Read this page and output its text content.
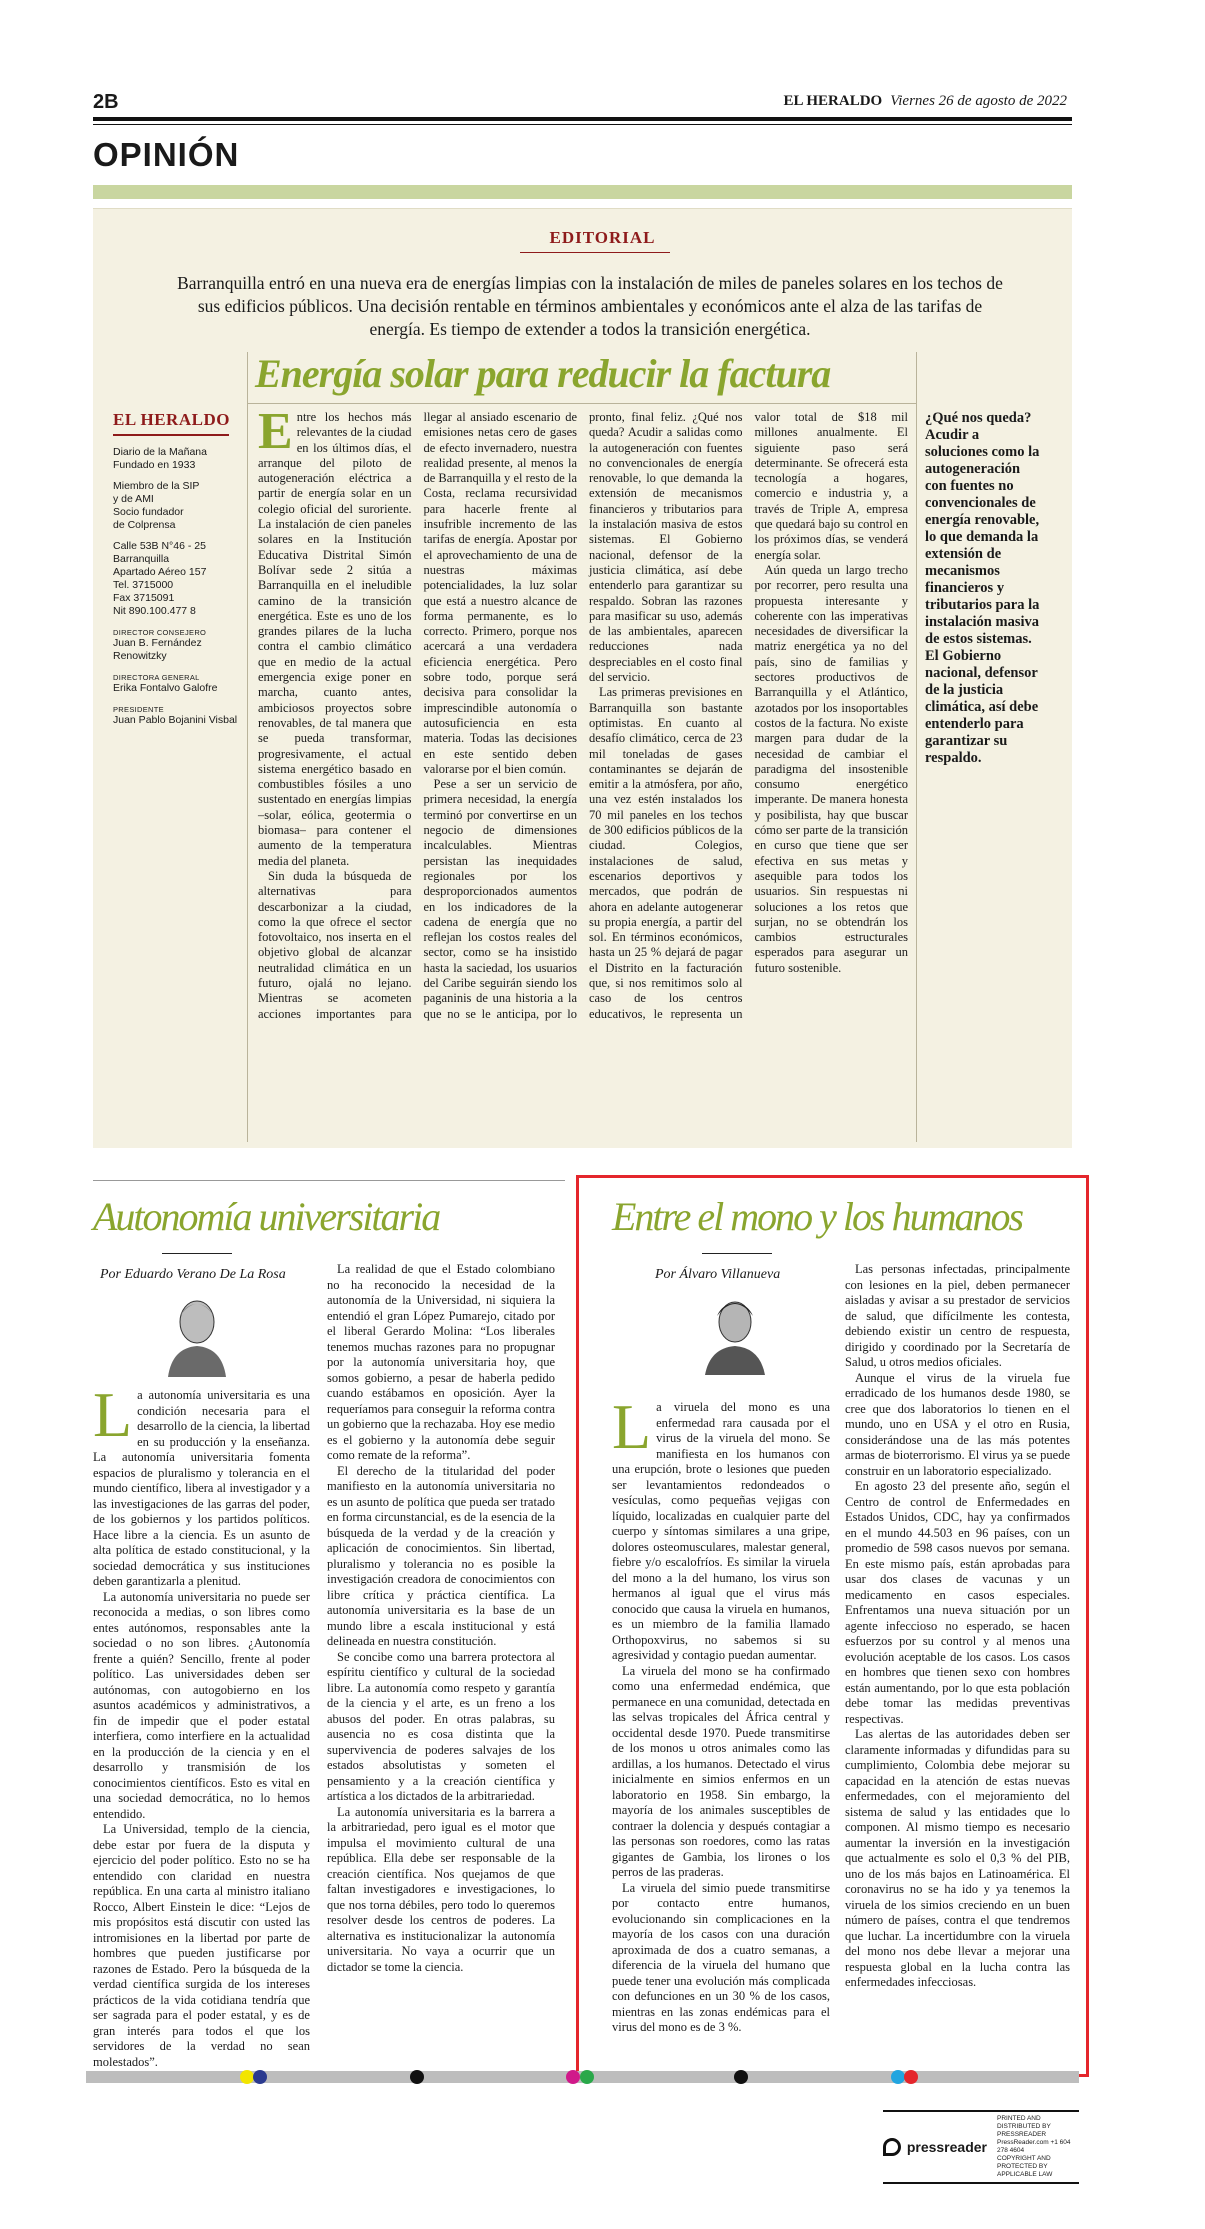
2B	EL HERALDO Viernes 26 de agosto de 2022
OPINIÓN
EDITORIAL
Barranquilla entró en una nueva era de energías limpias con la instalación de miles de paneles solares en los techos de sus edificios públicos. Una decisión rentable en términos ambientales y económicos ante el alza de las tarifas de energía. Es tiempo de extender a todos la transición energética.
Energía solar para reducir la factura
EL HERALDO

Diario de la Mañana
Fundado en 1933

Miembro de la SIP
y de AMI
Socio fundador
de Colprensa

Calle 53B N°46 - 25
Barranquilla
Apartado Aéreo 157
Tel. 3715000
Fax 3715091
Nit 890.100.477 8

DIRECTOR CONSEJERO
Juan B. Fernández Renowitzky
DIRECTORA GENERAL
Erika Fontalvo Galofre
PRESIDENTE
Juan Pablo Bojanini Visbal

Entre los hechos más relevantes de la ciudad en los últimos días, el arranque del piloto de autogeneración eléctrica a partir de energía solar en un colegio oficial del suroriente. La instalación de cien paneles solares en la Institución Educativa Distrital Simón Bolívar sede 2 sitúa a Barranquilla en el ineludible camino de la transición energética. Este es uno de los grandes pilares de la lucha contra el cambio climático que en medio de la actual emergencia exige poner en marcha, cuanto antes, ambiciosos proyectos sobre renovables, de tal manera que se pueda transformar, progresivamente, el actual sistema energético basado en combustibles fósiles a uno sustentado en energías limpias –solar, eólica, geotermia o biomasa– para contener el aumento de la temperatura media del planeta.

Sin duda la búsqueda de alternativas para descarbonizar a la ciudad, como la que ofrece el sector fotovoltaico, nos inserta en el objetivo global de alcanzar neutralidad climática en un futuro, ojalá no lejano. Mientras se acometen acciones importantes para llegar al ansiado escenario de emisiones netas cero de gases de efecto invernadero, nuestra realidad presente, al menos la de Barranquilla y el resto de la Costa, reclama recursividad para hacerle frente al insufrible incremento de las tarifas de energía. Apostar por el aprovechamiento de una de nuestras máximas potencialidades, la luz solar que está a nuestro alcance de forma permanente, es lo correcto. Primero, porque nos acercará a una verdadera eficiencia energética. Pero sobre todo, porque será decisiva para consolidar la imprescindible autonomía o autosuficiencia en esta materia. Todas las decisiones en este sentido deben valorarse por el bien común.

Pese a ser un servicio de primera necesidad, la energía terminó por convertirse en un negocio de dimensiones incalculables. Mientras persistan las inequidades regionales por los desproporcionados aumentos en los indicadores de la cadena de energía que no reflejan los costos reales del sector, como se ha insistido hasta la saciedad, los usuarios del Caribe seguirán siendo los paganinis de una historia a la que no se le anticipa, por lo pronto, final feliz. ¿Qué nos queda? Acudir a salidas como la autogeneración con fuentes no convencionales de energía renovable, lo que demanda la extensión de mecanismos financieros y tributarios para la instalación masiva de estos sistemas. El Gobierno nacional, defensor de la justicia climática, así debe entenderlo para garantizar su respaldo. Sobran las razones para masificar su uso, además de las ambientales, aparecen reducciones nada despreciables en el costo final del servicio.

Las primeras previsiones en Barranquilla son bastante optimistas. En cuanto al desafío climático, cerca de 23 mil toneladas de gases contaminantes se dejarán de emitir a la atmósfera, por año, una vez estén instalados los 70 mil paneles en los techos de 300 edificios públicos de la ciudad. Colegios, instalaciones de salud, escenarios deportivos y mercados, que podrán de ahora en adelante autogenerar su propia energía, a partir del sol. En términos económicos, hasta un 25 % dejará de pagar el Distrito en la facturación que, si nos remitimos solo al caso de los centros educativos, le representa un valor total de $18 mil millones anualmente. El siguiente paso será determinante. Se ofrecerá esta tecnología a hogares, comercio e industria y, a través de Triple A, empresa que quedará bajo su control en los próximos días, se venderá energía solar.

Aún queda un largo trecho por recorrer, pero resulta una propuesta interesante y coherente con las imperativas necesidades de diversificar la matriz energética ya no del país, sino de familias y sectores productivos de Barranquilla y el Atlántico, azotados por los insoportables costos de la factura. No existe margen para dudar de la necesidad de cambiar el paradigma del insostenible consumo energético imperante. De manera honesta y posibilista, hay que buscar cómo ser parte de la transición en curso que tiene que ser efectiva en sus metas y asequible para todos los usuarios. Sin respuestas ni soluciones a los retos que surjan, no se obtendrán los cambios estructurales esperados para asegurar un futuro sostenible.

¿Qué nos queda? Acudir a soluciones como la autogeneración con fuentes no convencionales de energía renovable, lo que demanda la extensión de mecanismos financieros y tributarios para la instalación masiva de estos sistemas. El Gobierno nacional, defensor de la justicia climática, así debe entenderlo para garantizar su respaldo.
Autonomía universitaria
Por Eduardo Verano De La Rosa

La autonomía universitaria es una condición necesaria para el desarrollo de la ciencia, la libertad en su producción y la enseñanza. La autonomía universitaria fomenta espacios de pluralismo y tolerancia en el mundo científico, libera al investigador y a las investigaciones de las garras del poder, de los gobiernos y los partidos políticos. Hace libre a la ciencia. Es un asunto de alta política de estado constitucional, y la sociedad democrática y sus instituciones deben garantizarla a plenitud.

La autonomía universitaria no puede ser reconocida a medias, o son libres como entes autónomos, responsables ante la sociedad o no son libres. ¿Autonomía frente a quién? Sencillo, frente al poder político. Las universidades deben ser autónomas, con autogobierno en los asuntos académicos y administrativos, a fin de impedir que el poder estatal interfiera, como interfiere en la actualidad en la producción de la ciencia y en el desarrollo y transmisión de los conocimientos científicos. Esto es vital en una sociedad democrática, no lo hemos entendido.

La Universidad, templo de la ciencia, debe estar por fuera de la disputa y ejercicio del poder político. Esto no se ha entendido con claridad en nuestra república. En una carta al ministro italiano Rocco, Albert Einstein le dice: “Lejos de mis propósitos está discutir con usted las intromisiones en la libertad por parte de hombres que pueden justificarse por razones de Estado. Pero la búsqueda de la verdad científica surgida de los intereses prácticos de la vida cotidiana tendría que ser sagrada para el poder estatal, y es de gran interés para todos el que los servidores de la verdad no sean molestados”.

La realidad de que el Estado colombiano no ha reconocido la necesidad de la autonomía de la Universidad, ni siquiera la entendió el gran López Pumarejo, citado por el liberal Gerardo Molina: “Los liberales tenemos muchas razones para no propugnar por la autonomía universitaria hoy, que somos gobierno, a pesar de haberla pedido cuando estábamos en oposición. Ayer la requeríamos para conseguir la reforma contra un gobierno que la rechazaba. Hoy ese medio es el gobierno y la autonomía debe seguir como remate de la reforma”.

El derecho de la titularidad del poder manifiesto en la autonomía universitaria no es un asunto de política que pueda ser tratado en forma circunstancial, es de la esencia de la búsqueda de la verdad y de la creación y aplicación de conocimientos. Sin libertad, pluralismo y tolerancia no es posible la investigación creadora de conocimientos con libre crítica y práctica científica. La autonomía universitaria es la base de un mundo libre a escala institucional y está delineada en nuestra constitución.

Se concibe como una barrera protectora al espíritu científico y cultural de la sociedad libre. La autonomía como respeto y garantía de la ciencia y el arte, es un freno a los abusos del poder. En otras palabras, su ausencia no es cosa distinta que la supervivencia de poderes salvajes de los estados absolutistas y someten el pensamiento y a la creación científica y artística a los dictados de la arbitrariedad.

La autonomía universitaria es la barrera a la arbitrariedad, pero igual es el motor que impulsa el movimiento cultural de una república. Ella debe ser responsable de la creación científica. Nos quejamos de que faltan investigadores e investigaciones, lo que nos torna débiles, pero todo lo queremos resolver desde los centros de poderes. La alternativa es institucionalizar la autonomía universitaria. No vaya a ocurrir que un dictador se tome la ciencia.

Entre el mono y los humanos
Por Álvaro Villanueva

La viruela del mono es una enfermedad rara causada por el virus de la viruela del mono. Se manifiesta en los humanos con una erupción, brote o lesiones que pueden ser levantamientos redondeados o vesículas, como pequeñas vejigas con líquido, localizadas en cualquier parte del cuerpo y síntomas similares a una gripe, dolores osteomusculares, malestar general, fiebre y/o escalofríos. Es similar la viruela del mono a la del humano, los virus son hermanos al igual que el virus más conocido que causa la viruela en humanos, es un miembro de la familia llamado Orthopoxvirus, no sabemos si su agresividad y contagio puedan aumentar.

La viruela del mono se ha confirmado como una enfermedad endémica, que permanece en una comunidad, detectada en las selvas tropicales del África central y occidental desde 1970. Puede transmitirse de los monos u otros animales como las ardillas, a los humanos. Detectado el virus inicialmente en simios enfermos en un laboratorio en 1958. Sin embargo, la mayoría de los animales susceptibles de contraer la dolencia y después contagiar a las personas son roedores, como las ratas gigantes de Gambia, los lirones o los perros de las praderas.

La viruela del simio puede transmitirse por contacto entre humanos, evolucionando sin complicaciones en la mayoría de los casos con una duración aproximada de dos a cuatro semanas, a diferencia de la viruela del humano que puede tener una evolución más complicada con defunciones en un 30 % de los casos, mientras en las zonas endémicas para el virus del mono es de 3 %.

Las personas infectadas, principalmente con lesiones en la piel, deben permanecer aisladas y avisar a su prestador de servicios de salud, que difícilmente les contesta, debiendo existir un centro de respuesta, dirigido y coordinado por la Secretaría de Salud, u otros medios oficiales.

Aunque el virus de la viruela fue erradicado de los humanos desde 1980, se cree que dos laboratorios lo tienen en el mundo, uno en USA y el otro en Rusia, considerándose una de las más potentes armas de bioterrorismo. El virus ya se puede construir en un laboratorio especializado.

En agosto 23 del presente año, según el Centro de control de Enfermedades en Estados Unidos, CDC, hay ya confirmados en el mundo 44.503 en 96 países, con un promedio de 598 casos nuevos por semana. En este mismo país, están aprobadas para usar dos clases de vacunas y un medicamento en casos especiales. Enfrentamos una nueva situación por un agente infeccioso no esperado, se hacen esfuerzos por su control y al menos una evolución aceptable de los casos. Los casos en hombres que tienen sexo con hombres están aumentando, por lo que esta población debe tomar las medidas preventivas respectivas.

Las alertas de las autoridades deben ser claramente informadas y difundidas para su cumplimiento, Colombia debe mejorar su capacidad en la atención de estas nuevas enfermedades, con el mejoramiento del sistema de salud y las entidades que lo componen. Al mismo tiempo es necesario aumentar la inversión en la investigación que actualmente es solo el 0,3 % del PIB, uno de los más bajos en Latinoamérica. El coronavirus no se ha ido y ya tenemos la viruela de los simios creciendo en un buen número de países, contra el que tendremos que luchar. La incertidumbre con la viruela del mono nos debe llevar a mejorar una respuesta global en la lucha contra las enfermedades infecciosas.

pressreader
PRINTED AND DISTRIBUTED BY PRESSREADER
PressReader.com +1 604 278 4604
COPYRIGHT AND PROTECTED BY APPLICABLE LAW
